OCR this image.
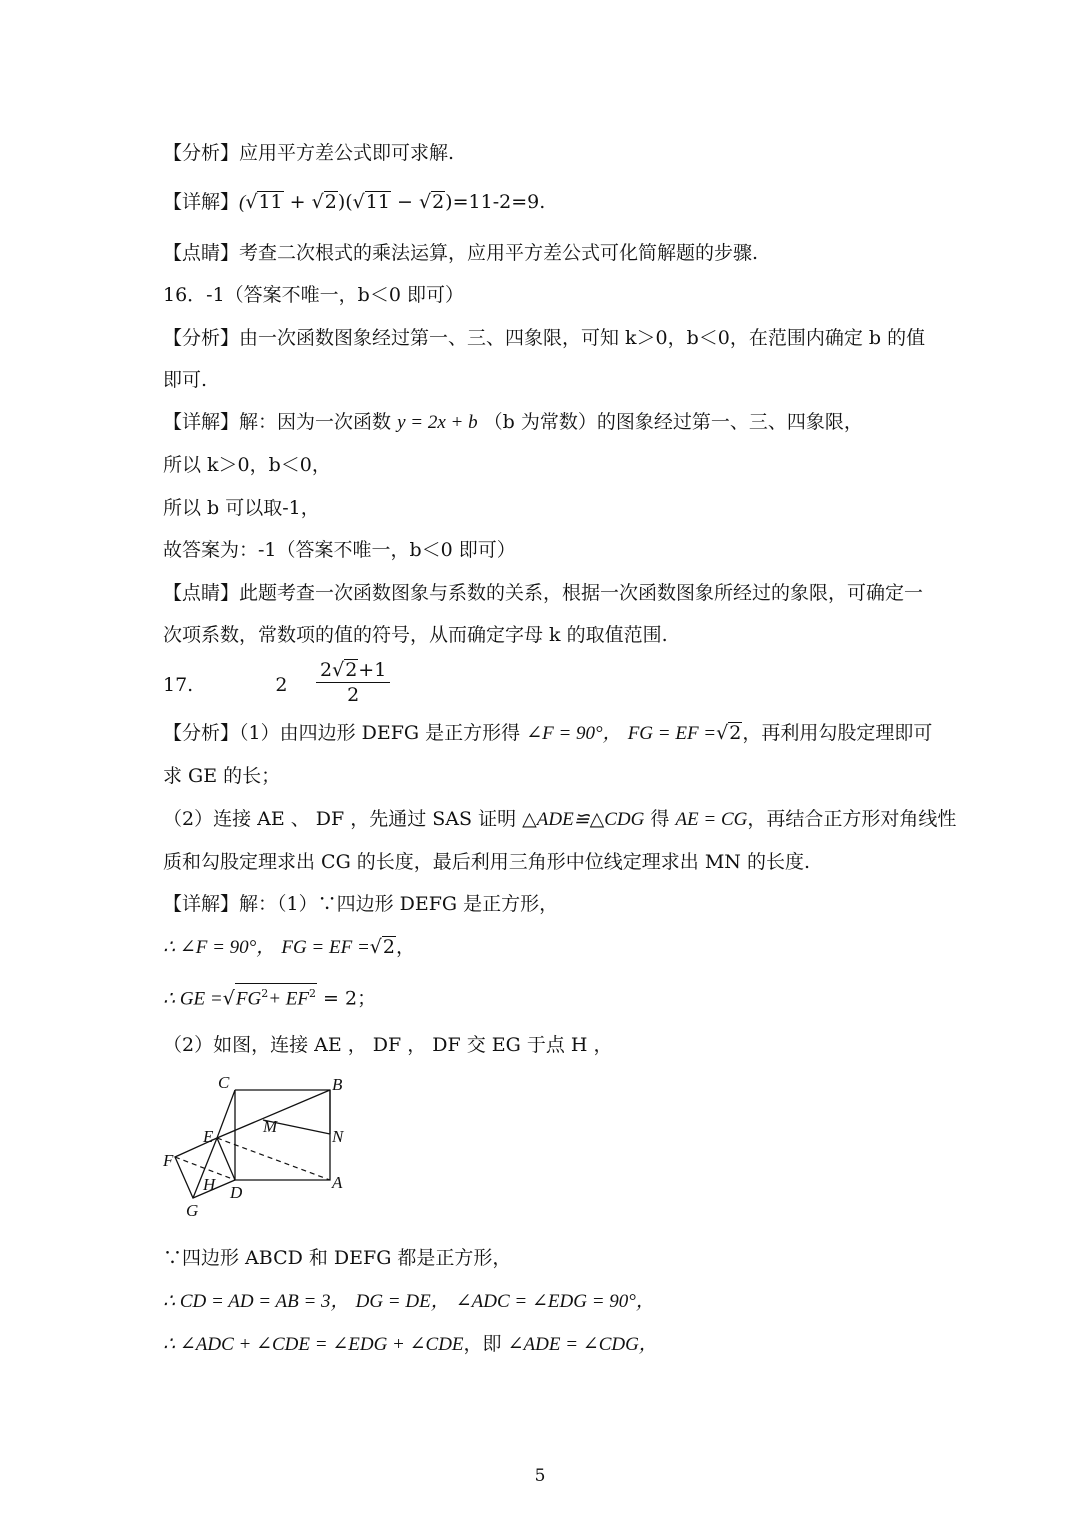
【分析】应用平方差公式即可求解.
【详解】(√11 + √2)(√11 − √2)=11-2=9.
【点睛】考查二次根式的乘法运算，应用平方差公式可化简解题的步骤.
16．-1（答案不唯一，b＜0 即可）
【分析】由一次函数图象经过第一、三、四象限，可知 k＞0，b＜0，在范围内确定 b 的值
即可.
【详解】解：因为一次函数 y = 2x + b （b 为常数）的图象经过第一、三、四象限，
所以 k＞0，b＜0，
所以 b 可以取-1，
故答案为：-1（答案不唯一，b＜0 即可）
【点睛】此题考查一次函数图象与系数的关系，根据一次函数图象所经过的象限，可确定一
次项系数，常数项的值的符号，从而确定字母 k 的取值范围.
17.	$2 \frac{2√2+1}{2}$
【分析】（1）由四边形 DEFG 是正方形得 ∠F = 90°， FG = EF =√2，再利用勾股定理即可
求 GE 的长；
（2）连接 AE 、 DF ，先通过 SAS 证明 △ADE≌△CDG 得 AE = CG，再结合正方形对角线性
质和勾股定理求出 CG 的长度，最后利用三角形中位线定理求出 MN 的长度.
【详解】解：（1）∵四边形 DEFG 是正方形，
∴ ∠F = 90°， FG = EF =√2，
∴ GE $=√FG^2+ EF^2 = 2$；
（2）如图，连接 AE ， DF ， DF 交 EG 于点 H ，
C	B
M
N
E
F
H D
A
G
∵四边形 ABCD 和 DEFG 都是正方形，
∴ CD = AD = AB = 3， DG = DE， ∠ADC = ∠EDG = 90°，
∴ ∠ADC + ∠CDE = ∠EDG + ∠CDE，即 ∠ADE = ∠CDG，
5
